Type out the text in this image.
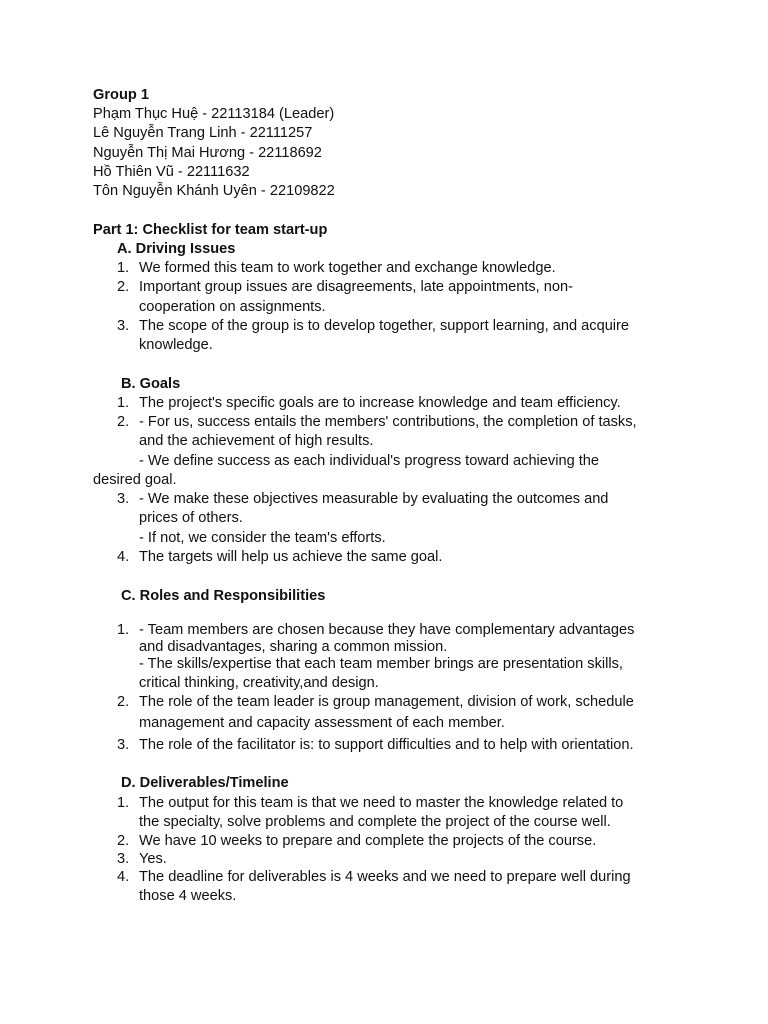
Group 1
Phạm Thục Huệ - 22113184 (Leader)
Lê Nguyễn Trang Linh - 22111257
Nguyễn Thị Mai Hương - 22118692
Hồ Thiên Vũ - 22111632
Tôn Nguyễn Khánh Uyên - 22109822
Part 1: Checklist for team start-up
A. Driving Issues
1. We formed this team to work together and exchange knowledge.
2. Important group issues are disagreements, late appointments, non-
cooperation on assignments.
3. The scope of the group is to develop together, support learning, and acquire
knowledge.
B. Goals
1. The project's specific goals are to increase knowledge and team efficiency.
2. - For us, success entails the members' contributions, the completion of tasks,
and the achievement of high results.
- We define success as each individual's progress toward achieving the
desired goal.
3. - We make these objectives measurable by evaluating the outcomes and
prices of others.
- If not, we consider the team's efforts.
4. The targets will help us achieve the same goal.
C. Roles and Responsibilities
1. - Team members are chosen because they have complementary advantages
and disadvantages, sharing a common mission.
- The skills/expertise that each team member brings are presentation skills,
critical thinking, creativity,and design.
2. The role of the team leader is group management, division of work, schedule
management and capacity assessment of each member.
3. The role of the facilitator is: to support difficulties and to help with orientation.
D. Deliverables/Timeline
1. The output for this team is that we need to master the knowledge related to
the specialty, solve problems and complete the project of the course well.
2. We have 10 weeks to prepare and complete the projects of the course.
3. Yes.
4. The deadline for deliverables is 4 weeks and we need to prepare well during
those 4 weeks.
